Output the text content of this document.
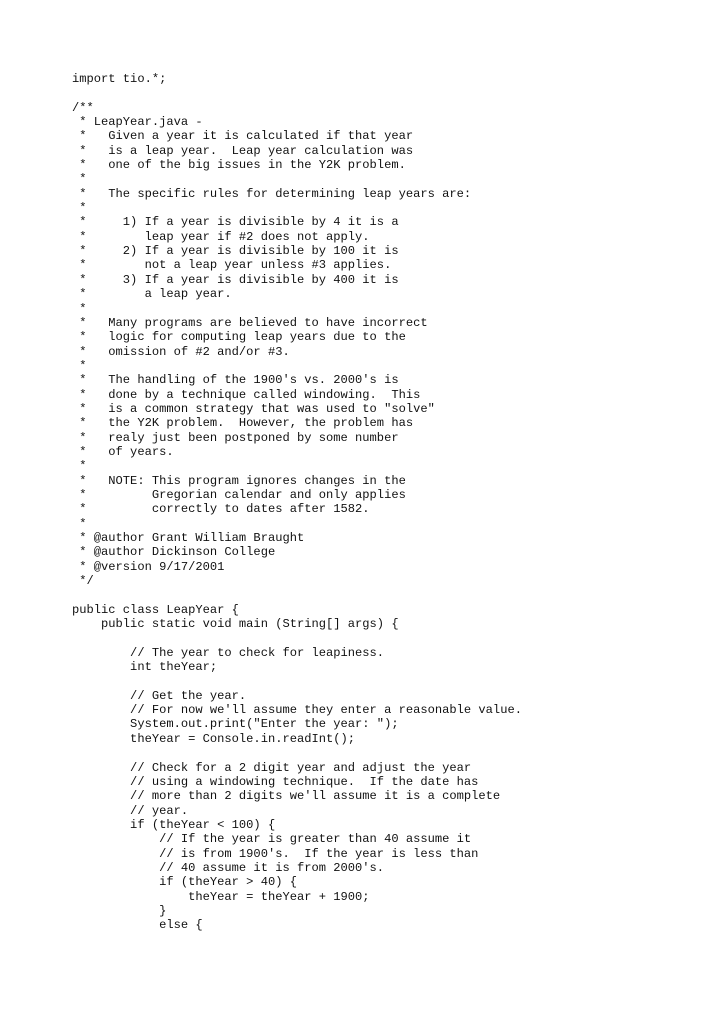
import tio.*;
/**
* LeapYear.java -
*   Given a year it is calculated if that year
*   is a leap year.  Leap year calculation was
*   one of the big issues in the Y2K problem.
*
*   The specific rules for determining leap years are:
*
*     1) If a year is divisible by 4 it is a
*        leap year if #2 does not apply.
*     2) If a year is divisible by 100 it is
*        not a leap year unless #3 applies.
*     3) If a year is divisible by 400 it is
*        a leap year.
*
*   Many programs are believed to have incorrect
*   logic for computing leap years due to the
*   omission of #2 and/or #3.
*
*   The handling of the 1900's vs. 2000's is
*   done by a technique called windowing.  This
*   is a common strategy that was used to "solve"
*   the Y2K problem.  However, the problem has
*   realy just been postponed by some number
*   of years.
*
*   NOTE: This program ignores changes in the
*         Gregorian calendar and only applies
*         correctly to dates after 1582.
*
* @author Grant William Braught
* @author Dickinson College
* @version 9/17/2001
*/
public class LeapYear {
public static void main (String[] args) {
// The year to check for leapiness.
int theYear;
// Get the year.
// For now we'll assume they enter a reasonable value.
System.out.print("Enter the year: ");
theYear = Console.in.readInt();
// Check for a 2 digit year and adjust the year
// using a windowing technique.  If the date has
// more than 2 digits we'll assume it is a complete
// year.
if (theYear < 100) {
// If the year is greater than 40 assume it
// is from 1900's.  If the year is less than
// 40 assume it is from 2000's.
if (theYear > 40) {
theYear = theYear + 1900;
}
else {
